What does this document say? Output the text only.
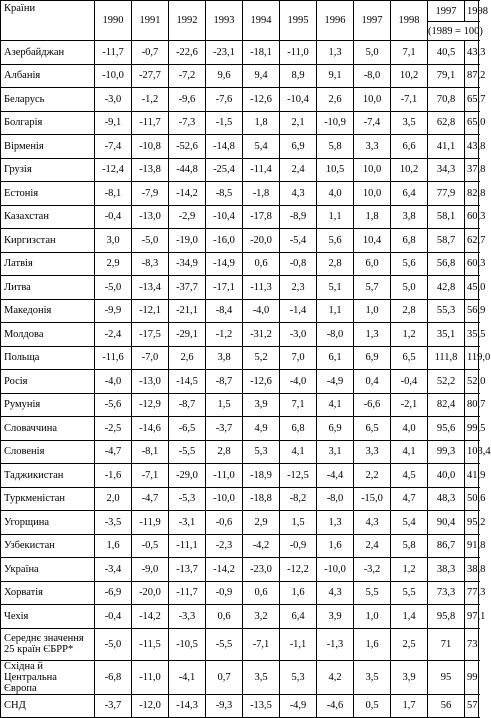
Країни	1990	1991	1992	1993	1994	1995	1996	1997	1998	1997	1998
										(1989 = 100)	
Азербайджан	-11,7	-0,7	-22,6	-23,1	-18,1	-11,0	1,3	5,0	7,1	40,5	43,3
Албанія	-10,0	-27,7	-7,2	9,6	9,4	8,9	9,1	-8,0	10,2	79,1	87,2
Беларусь	-3,0	-1,2	-9,6	-7,6	-12,6	-10,4	2,6	10,0	-7,1	70,8	65,7
Болгарія	-9,1	-11,7	-7,3	-1,5	1,8	2,1	-10,9	-7,4	3,5	62,8	65,0
Вірменія	-7,4	-10,8	-52,6	-14,8	5,4	6,9	5,8	3,3	6,6	41,1	43,8
Грузія	-12,4	-13,8	-44,8	-25,4	-11,4	2,4	10,5	10,0	10,2	34,3	37,8
Естонія	-8,1	-7,9	-14,2	-8,5	-1,8	4,3	4,0	10,0	6,4	77,9	82,8
Казахстан	-0,4	-13,0	-2,9	-10,4	-17,8	-8,9	1,1	1,8	3,8	58,1	60,3
Киргизстан	3,0	-5,0	-19,0	-16,0	-20,0	-5,4	5,6	10,4	6,8	58,7	62,7
Латвія	2,9	-8,3	-34,9	-14,9	0,6	-0,8	2,8	6,0	5,6	56,8	60,3
Литва	-5,0	-13,4	-37,7	-17,1	-11,3	2,3	5,1	5,7	5,0	42,8	45,0
Македонія	-9,9	-12,1	-21,1	-8,4	-4,0	-1,4	1,1	1,0	2,8	55,3	56,9
Молдова	-2,4	-17,5	-29,1	-1,2	-31,2	-3,0	-8,0	1,3	1,2	35,1	35,5
Польща	-11,6	-7,0	2,6	3,8	5,2	7,0	6,1	6,9	6,5	111,8	119,0
Росія	-4,0	-13,0	-14,5	-8,7	-12,6	-4,0	-4,9	0,4	-0,4	52,2	52,0
Румунія	-5,6	-12,9	-8,7	1,5	3,9	7,1	4,1	-6,6	-2,1	82,4	80,7
Словаччина	-2,5	-14,6	-6,5	-3,7	4,9	6,8	6,9	6,5	4,0	95,6	99,5
Словенія	-4,7	-8,1	-5,5	2,8	5,3	4,1	3,1	3,3	4,1	99,3	103,4
Таджикистан	-1,6	-7,1	-29,0	-11,0	-18,9	-12,5	-4,4	2,2	4,5	40,0	41,9
Туркменістан	2,0	-4,7	-5,3	-10,0	-18,8	-8,2	-8,0	-15,0	4,7	48,3	50,6
Угорщина	-3,5	-11,9	-3,1	-0,6	2,9	1,5	1,3	4,3	5,4	90,4	95,2
Узбекистан	1,6	-0,5	-11,1	-2,3	-4,2	-0,9	1,6	2,4	5,8	86,7	91,8
Україна	-3,4	-9,0	-13,7	-14,2	-23,0	-12,2	-10,0	-3,2	1,2	38,3	38,8
Хорватія	-6,9	-20,0	-11,7	-0,9	0,6	1,6	4,3	5,5	5,5	73,3	77,3
Чехія	-0,4	-14,2	-3,3	0,6	3,2	6,4	3,9	1,0	1,4	95,8	97,1
Середнє значення 25 країн ЄБРР*	-5,0	-11,5	-10,5	-5,5	-7,1	-1,1	-1,3	1,6	2,5	71	73
Східна й Центральна Європа	-6,8	-11,0	-4,1	0,7	3,5	5,3	4,2	3,5	3,9	95	99
СНД	-3,7	-12,0	-14,3	-9,3	-13,5	-4,9	-4,6	0,5	1,7	56	57
